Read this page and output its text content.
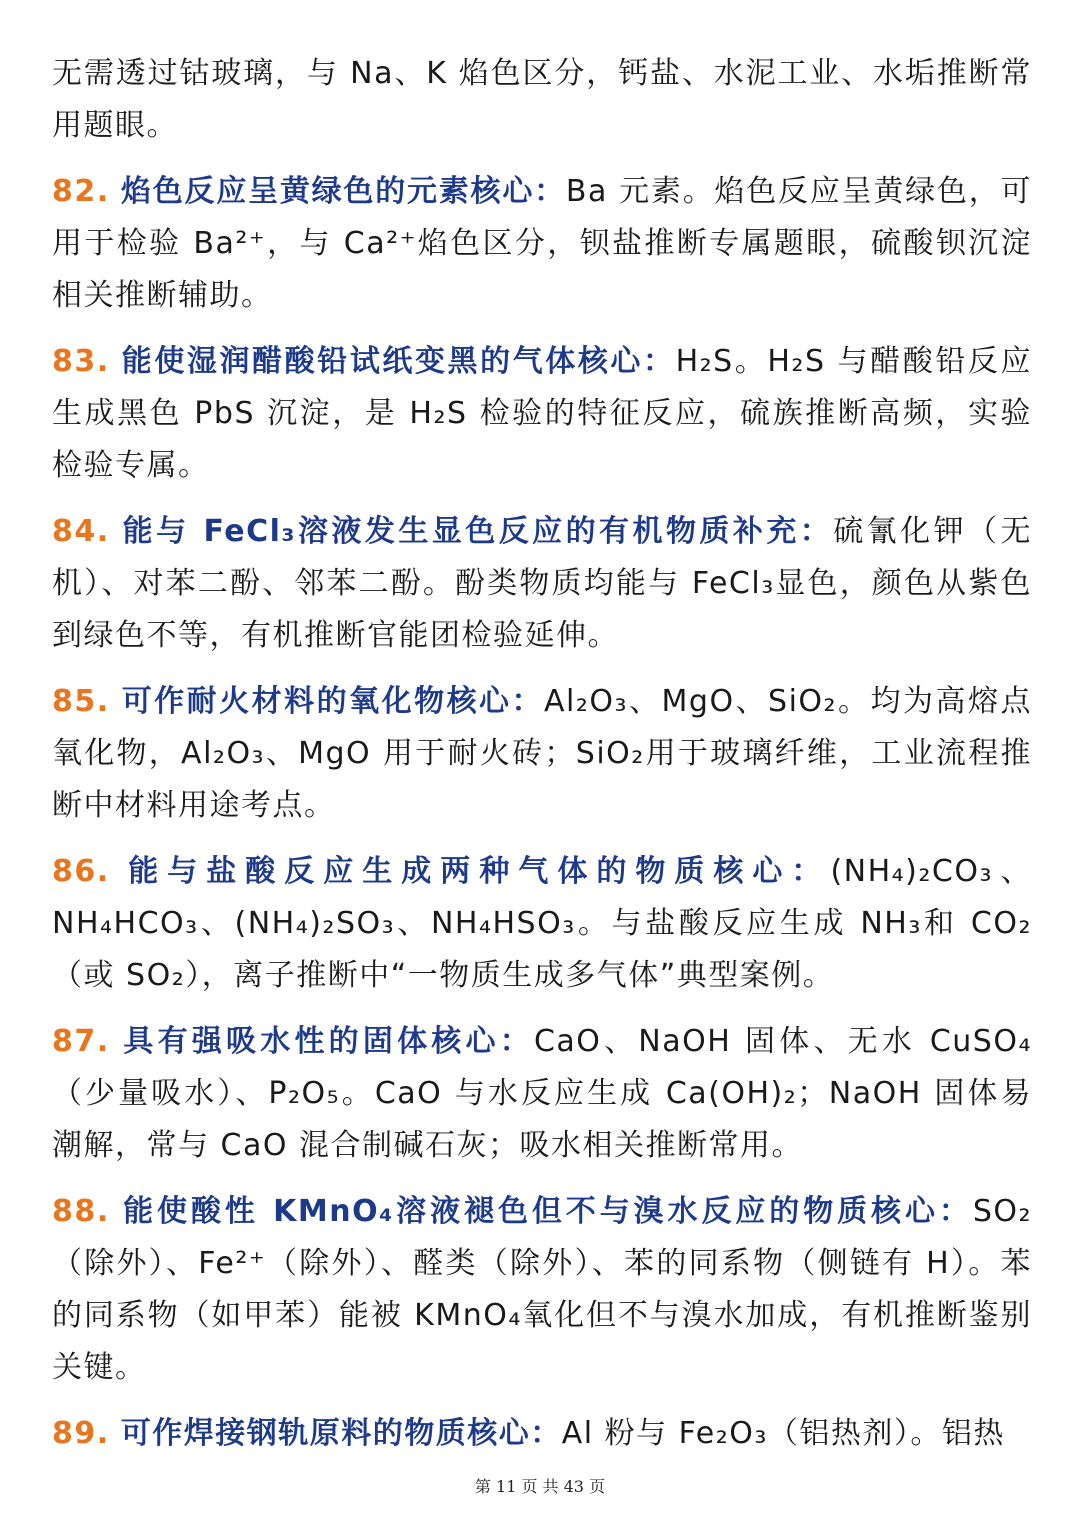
无需透过钴玻璃，与 Na、K 焰色区分，钙盐、水泥工业、水垢推断常用题眼。

82. 焰色反应呈黄绿色的元素核心：Ba 元素。焰色反应呈黄绿色，可用于检验 Ba²⁺，与 Ca²⁺焰色区分，钡盐推断专属题眼，硫酸钡沉淀相关推断辅助。

83. 能使湿润醋酸铅试纸变黑的气体核心：H₂S。H₂S 与醋酸铅反应生成黑色 PbS 沉淀，是 H₂S 检验的特征反应，硫族推断高频，实验检验专属。

84. 能与 FeCl₃溶液发生显色反应的有机物质补充：硫氰化钾（无机）、对苯二酚、邻苯二酚。酚类物质均能与 FeCl₃显色，颜色从紫色到绿色不等，有机推断官能团检验延伸。

85. 可作耐火材料的氧化物核心：Al₂O₃、MgO、SiO₂。均为高熔点氧化物，Al₂O₃、MgO 用于耐火砖；SiO₂用于玻璃纤维，工业流程推断中材料用途考点。

86. 能与盐酸反应生成两种气体的物质核心：(NH₄)₂CO₃、NH₄HCO₃、(NH₄)₂SO₃、NH₄HSO₃。与盐酸反应生成 NH₃和 CO₂（或 SO₂），离子推断中“一物质生成多气体”典型案例。

87. 具有强吸水性的固体核心：CaO、NaOH 固体、无水 CuSO₄（少量吸水）、P₂O₅。CaO 与水反应生成 Ca(OH)₂；NaOH 固体易潮解，常与 CaO 混合制碱石灰；吸水相关推断常用。

88. 能使酸性 KMnO₄溶液褪色但不与溴水反应的物质核心：SO₂（除外）、Fe²⁺（除外）、醛类（除外）、苯的同系物（侧链有 H）。苯的同系物（如甲苯）能被 KMnO₄氧化但不与溴水加成，有机推断鉴别关键。

89. 可作焊接钢轨原料的物质核心：Al 粉与 Fe₂O₃（铝热剂）。铝热

第 11 页 共 43 页
